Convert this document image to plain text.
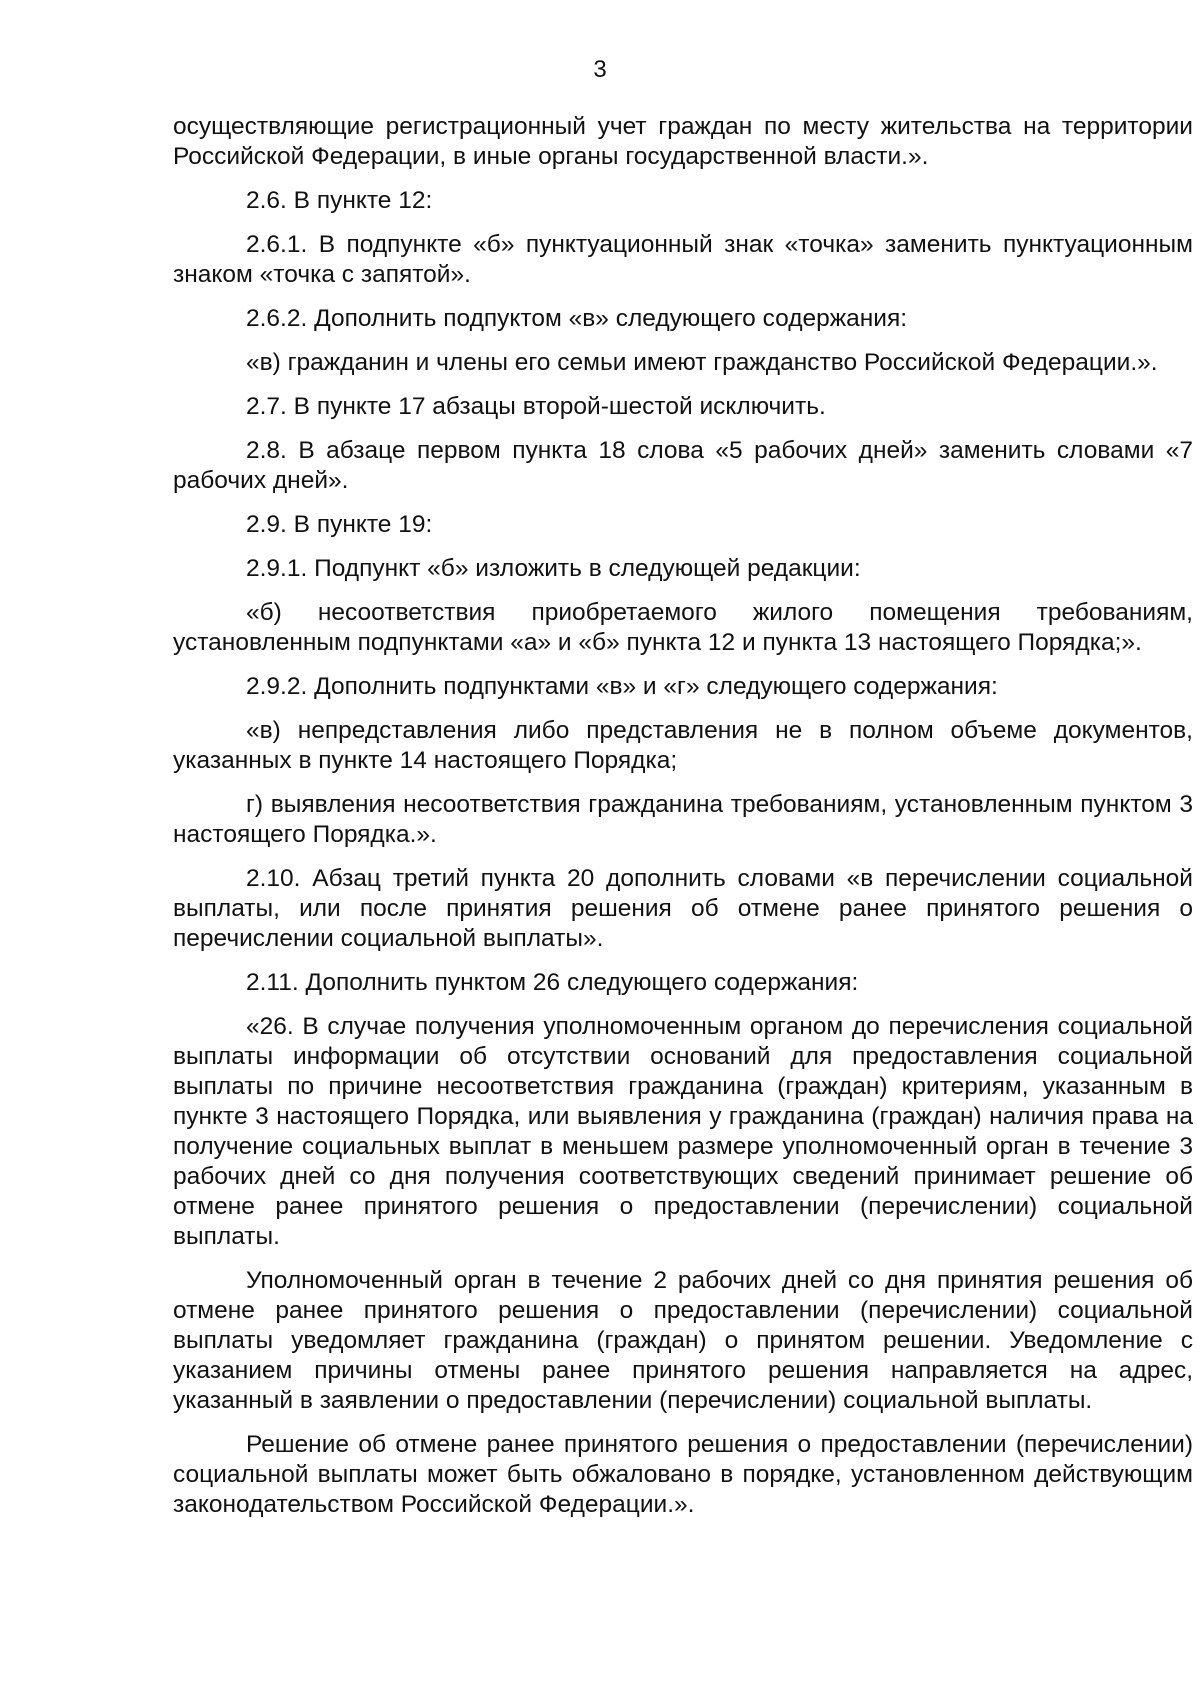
3

осуществляющие регистрационный учет граждан по месту жительства на территории Российской Федерации, в иные органы государственной власти.».

2.6. В пункте 12:

2.6.1. В подпункте «б» пунктуационный знак «точка» заменить пунктуационным знаком «точка с запятой».

2.6.2. Дополнить подпуктом «в» следующего содержания:

«в) гражданин и члены его семьи имеют гражданство Российской Федерации.».

2.7. В пункте 17 абзацы второй-шестой исключить.

2.8. В абзаце первом пункта 18 слова «5 рабочих дней» заменить словами «7 рабочих дней».

2.9. В пункте 19:

2.9.1. Подпункт «б» изложить в следующей редакции:

«б) несоответствия приобретаемого жилого помещения требованиям, установленным подпунктами «а» и «б» пункта 12 и пункта 13 настоящего Порядка;».

2.9.2. Дополнить подпунктами «в» и «г» следующего содержания:

«в) непредставления либо представления не в полном объеме документов, указанных в пункте 14 настоящего Порядка;

г) выявления несоответствия гражданина требованиям, установленным пунктом 3 настоящего Порядка.».

2.10. Абзац третий пункта 20 дополнить словами «в перечислении социальной выплаты, или после принятия решения об отмене ранее принятого решения о перечислении социальной выплаты».

2.11. Дополнить пунктом 26 следующего содержания:

«26. В случае получения уполномоченным органом до перечисления социальной выплаты информации об отсутствии оснований для предоставления социальной выплаты по причине несоответствия гражданина (граждан) критериям, указанным в пункте 3 настоящего Порядка, или выявления у гражданина (граждан) наличия права на получение социальных выплат в меньшем размере уполномоченный орган в течение 3 рабочих дней со дня получения соответствующих сведений принимает решение об отмене ранее принятого решения о предоставлении (перечислении) социальной выплаты.

Уполномоченный орган в течение 2 рабочих дней со дня принятия решения об отмене ранее принятого решения о предоставлении (перечислении) социальной выплаты уведомляет гражданина (граждан) о принятом решении. Уведомление с указанием причины отмены ранее принятого решения направляется на адрес, указанный в заявлении о предоставлении (перечислении) социальной выплаты.

Решение об отмене ранее принятого решения о предоставлении (перечислении) социальной выплаты может быть обжаловано в порядке, установленном действующим законодательством Российской Федерации.».
